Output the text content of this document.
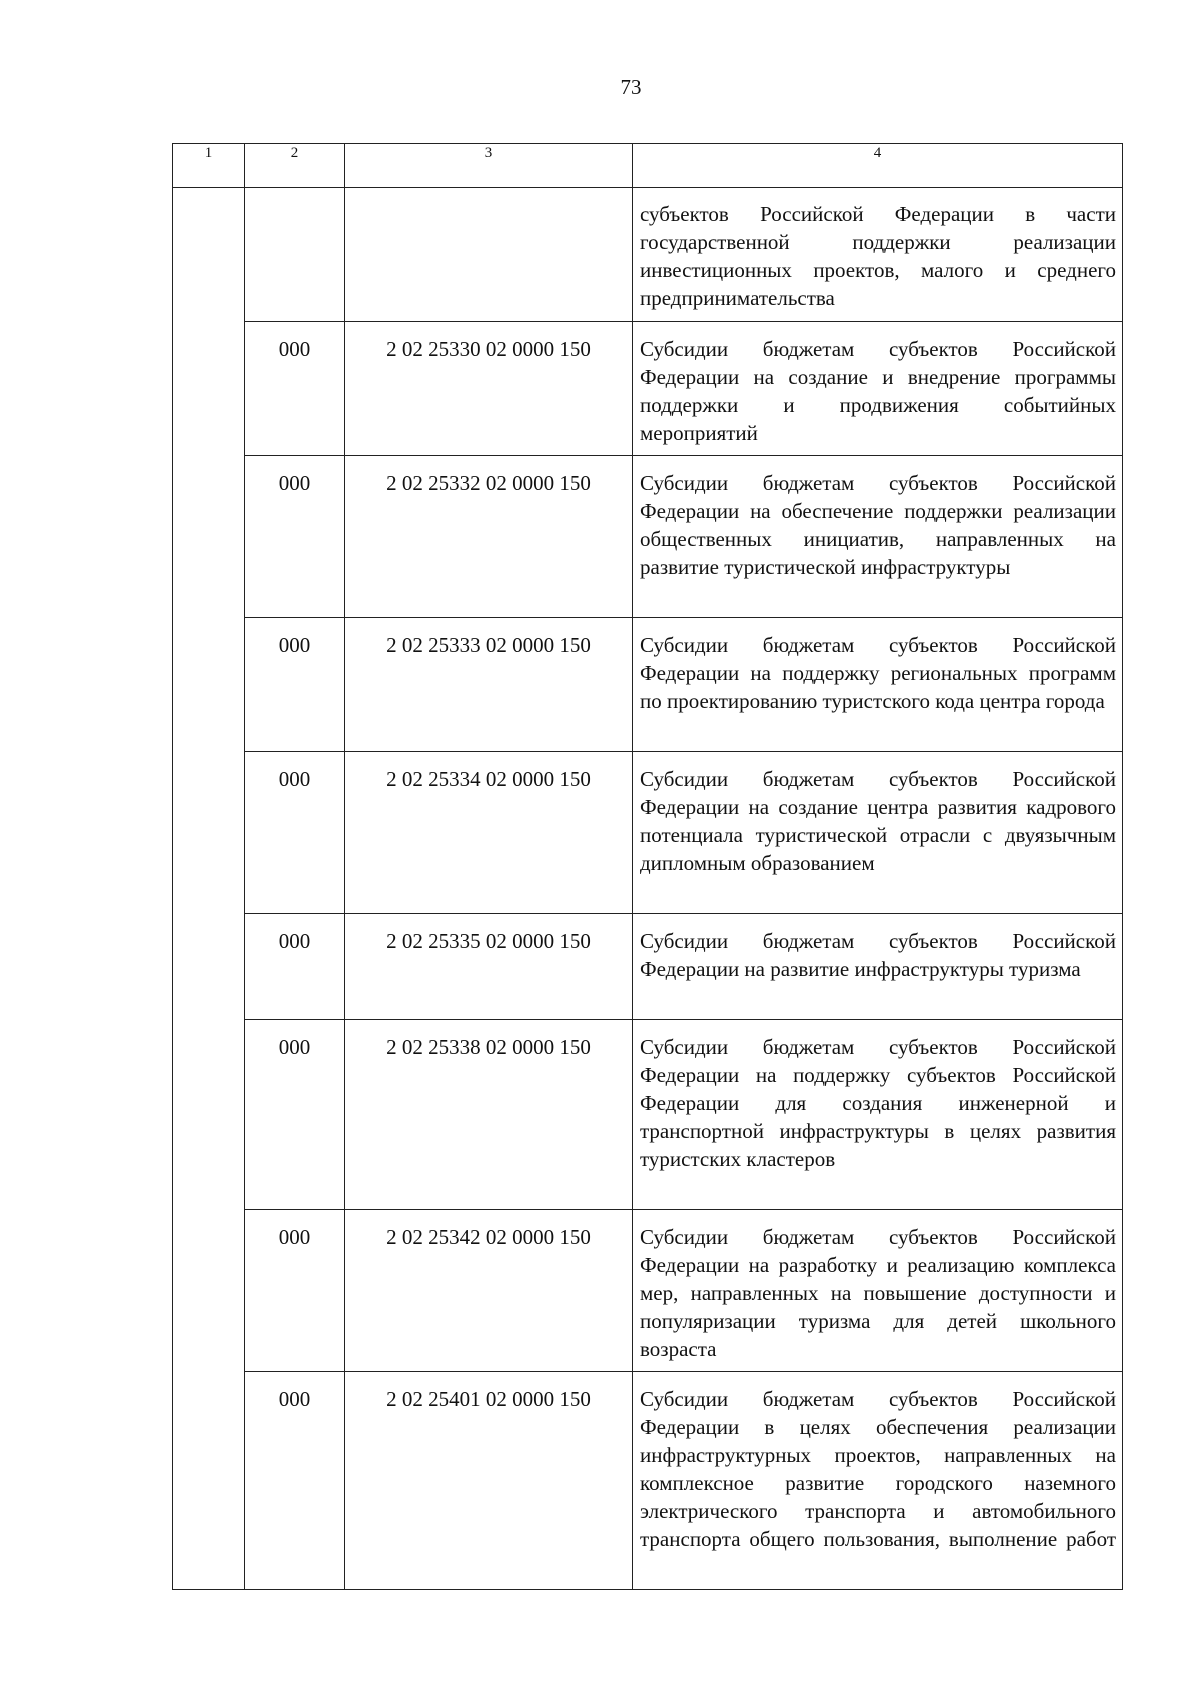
73
1	2	3	4
			субъектов Российской Федерации в части государственной поддержки реализации инвестиционных проектов, малого и среднего предпринимательства
	000	2 02 25330 02 0000 150	Субсидии бюджетам субъектов Российской Федерации на создание и внедрение программы поддержки и продвижения событийных мероприятий
	000	2 02 25332 02 0000 150	Субсидии бюджетам субъектов Российской Федерации на обеспечение поддержки реализации общественных инициатив, направленных на развитие туристической инфраструктуры
	000	2 02 25333 02 0000 150	Субсидии бюджетам субъектов Российской Федерации на поддержку региональных программ по проектированию туристского кода центра города
	000	2 02 25334 02 0000 150	Субсидии бюджетам субъектов Российской Федерации на создание центра развития кадрового потенциала туристической отрасли с двуязычным дипломным образованием
	000	2 02 25335 02 0000 150	Субсидии бюджетам субъектов Российской Федерации на развитие инфраструктуры туризма
	000	2 02 25338 02 0000 150	Субсидии бюджетам субъектов Российской Федерации на поддержку субъектов Российской Федерации для создания инженерной и транспортной инфраструктуры в целях развития туристских кластеров
	000	2 02 25342 02 0000 150	Субсидии бюджетам субъектов Российской Федерации на разработку и реализацию комплекса мер, направленных на повышение доступности и популяризации туризма для детей школьного возраста
	000	2 02 25401 02 0000 150	Субсидии бюджетам субъектов Российской Федерации в целях обеспечения реализации инфраструктурных проектов, направленных на комплексное развитие городского наземного электрического транспорта и автомобильного транспорта общего пользования, выполнение работ
